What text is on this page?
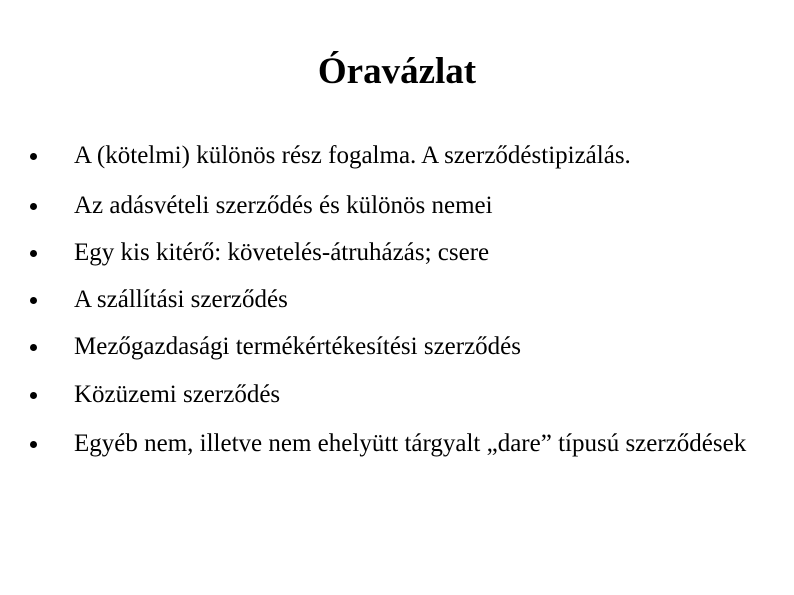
Óravázlat
A (kötelmi) különös rész fogalma. A szerződéstipizálás.
Az adásvételi szerződés és különös nemei
Egy kis kitérő: követelés-átruházás; csere
A szállítási szerződés
Mezőgazdasági termékértékesítési szerződés
Közüzemi szerződés
Egyéb nem, illetve nem ehelyütt tárgyalt „dare” típusú szerződések
